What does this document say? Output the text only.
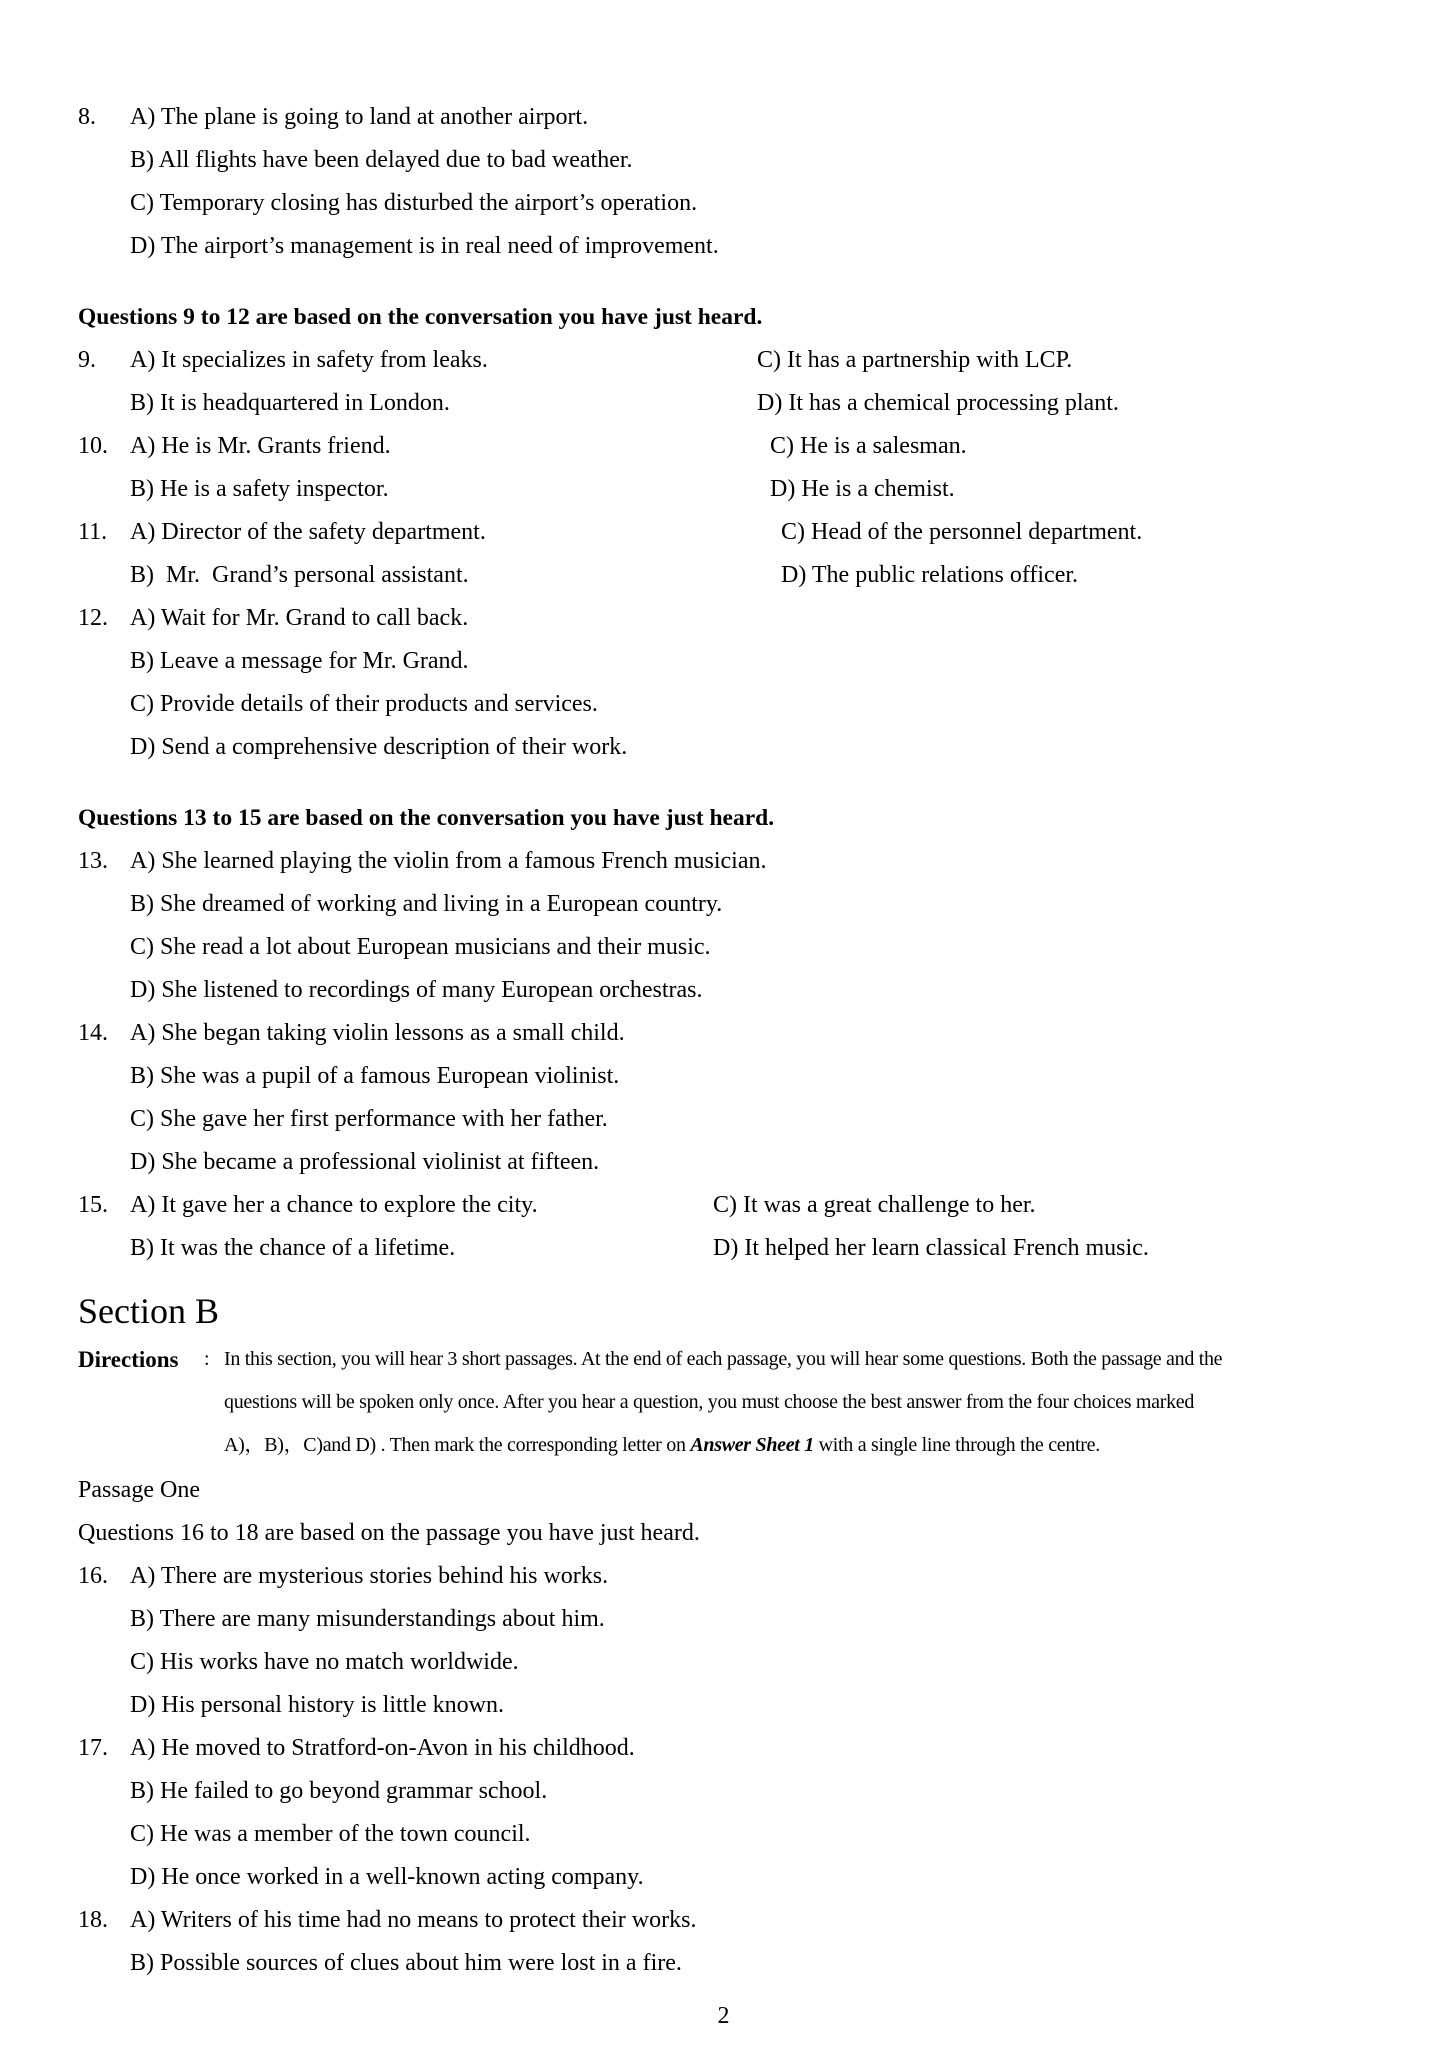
8. A) The plane is going to land at another airport.
B) All flights have been delayed due to bad weather.
C) Temporary closing has disturbed the airport’s operation.
D) The airport’s management is in real need of improvement.
Questions 9 to 12 are based on the conversation you have just heard.
9. A) It specializes in safety from leaks.	C) It has a partnership with LCP.
B) It is headquartered in London.	D) It has a chemical processing plant.
10. A) He is Mr. Grants friend.	C) He is a salesman.
B) He is a safety inspector.	D) He is a chemist.
11. A) Director of the safety department.	C) Head of the personnel department.
B)  Mr.  Grand’s personal assistant.	D) The public relations officer.
12. A) Wait for Mr. Grand to call back.
B) Leave a message for Mr. Grand.
C) Provide details of their products and services.
D) Send a comprehensive description of their work.
Questions 13 to 15 are based on the conversation you have just heard.
13. A) She learned playing the violin from a famous French musician.
B) She dreamed of working and living in a European country.
C) She read a lot about European musicians and their music.
D) She listened to recordings of many European orchestras.
14. A) She began taking violin lessons as a small child.
B) She was a pupil of a famous European violinist.
C) She gave her first performance with her father.
D) She became a professional violinist at fifteen.
15. A) It gave her a chance to explore the city.	C) It was a great challenge to her.
B) It was the chance of a lifetime.	D) It helped her learn classical French music.
Section B
Directions : In this section, you will hear 3 short passages. At the end of each passage, you will hear some questions. Both the passage and the
questions will be spoken only once. After you hear a question, you must choose the best answer from the four choices marked
A)，B)，C)and D) . Then mark the corresponding letter on Answer Sheet 1 with a single line through the centre.
Passage One
Questions 16 to 18 are based on the passage you have just heard.
16. A) There are mysterious stories behind his works.
B) There are many misunderstandings about him.
C) His works have no match worldwide.
D) His personal history is little known.
17. A) He moved to Stratford-on-Avon in his childhood.
B) He failed to go beyond grammar school.
C) He was a member of the town council.
D) He once worked in a well-known acting company.
18. A) Writers of his time had no means to protect their works.
B) Possible sources of clues about him were lost in a fire.
2
